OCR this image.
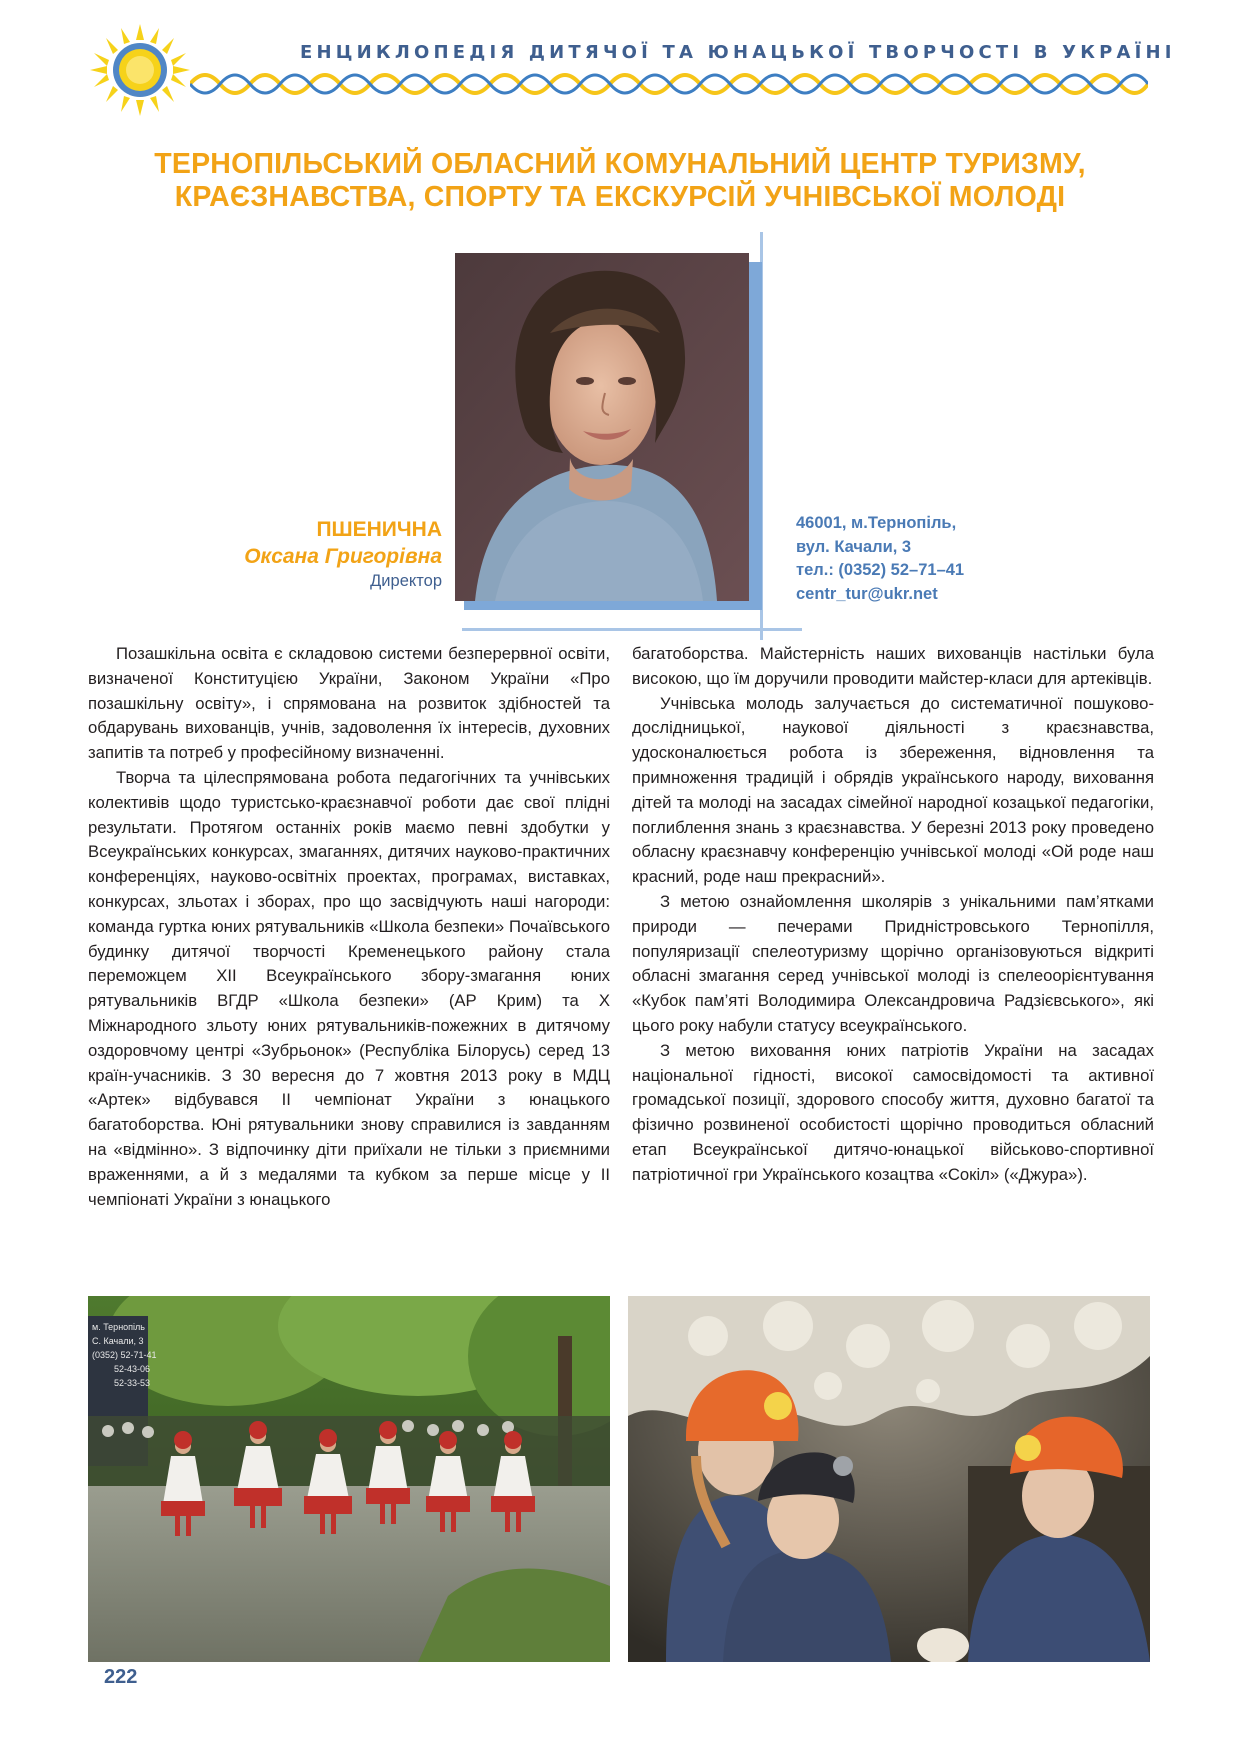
ЕНЦИКЛОПЕДІЯ ДИТЯЧОЇ ТА ЮНАЦЬКОЇ ТВОРЧОСТІ В УКРАЇНІ
ТЕРНОПІЛЬСЬКИЙ ОБЛАСНИЙ КОМУНАЛЬНИЙ ЦЕНТР ТУРИЗМУ,
КРАЄЗНАВСТВА, СПОРТУ ТА ЕКСКУРСІЙ УЧНІВСЬКОЇ МОЛОДІ
ПШЕНИЧНА
Оксана Григорівна
Директор
46001, м.Тернопіль,
вул. Качали, 3
тел.: (0352) 52–71–41
centr_tur@ukr.net

Позашкільна освіта є складовою системи безперервної освіти, визначеної Конституцією України, Законом України «Про позашкільну освіту», і спрямована на розвиток здібностей та обдарувань вихованців, учнів, задоволення їх інтересів, духовних запитів та потреб у професійному визначенні.

Творча та цілеспрямована робота педагогічних та учнівських колективів щодо туристсько-краєзнавчої роботи дає свої плідні результати. Протягом останніх років маємо певні здобутки у Всеукраїнських конкурсах, змаганнях, дитячих науково-практичних конференціях, науково-освітніх проектах, програмах, виставках, конкурсах, зльотах і зборах, про що засвідчують наші нагороди: команда гуртка юних рятувальників «Школа безпеки» Почаївського будинку дитячої творчості Кременецького району стала переможцем XII Всеукраїнського збору-змагання юних рятувальників ВГДР «Школа безпеки» (АР Крим) та X Міжнародного зльоту юних рятувальників-пожежних в дитячому оздоровчому центрі «Зубрьонок» (Республіка Білорусь) серед 13 країн-учасників. З 30 вересня до 7 жовтня 2013 року в МДЦ «Артек» відбувався II чемпіонат України з юнацького багатоборства. Юні рятувальники знову справилися із завданням на «відмінно». З відпочинку діти приїхали не тільки з приємними враженнями, а й з медалями та кубком за перше місце у II чемпіонаті України з юнацького

багатоборства. Майстерність наших вихованців настільки була високою, що їм доручили проводити майстер-класи для артеківців.

Учнівська молодь залучається до систематичної пошуково-дослідницької, наукової діяльності з краєзнавства, удосконалюється робота із збереження, відновлення та примноження традицій і обрядів українського народу, виховання дітей та молоді на засадах сімейної народної козацької педагогіки, поглиблення знань з краєзнавства. У березні 2013 року проведено обласну краєзнавчу конференцію учнівської молоді «Ой роде наш красний, роде наш прекрасний».

З метою ознайомлення школярів з унікальними пам’ятками природи — печерами Придністровського Тернопілля, популяризації спелеотуризму щорічно організовуються відкриті обласні змагання серед учнівської молоді із спелеоорієнтування «Кубок пам’яті Володимира Олександровича Радзієвського», які цього року набули статусу всеукраїнського.

З метою виховання юних патріотів України на засадах національної гідності, високої самосвідомості та активної громадської позиції, здорового способу життя, духовно багатої та фізично розвиненої особистості щорічно проводиться обласний етап Всеукраїнської дитячо-юнацької військово-спортивної патріотичної гри Українського козацтва «Сокіл» («Джура»).

м. Тернопіль
С. Качали, 3
(0352) 52-71-41
52-43-06
52-33-53
222
